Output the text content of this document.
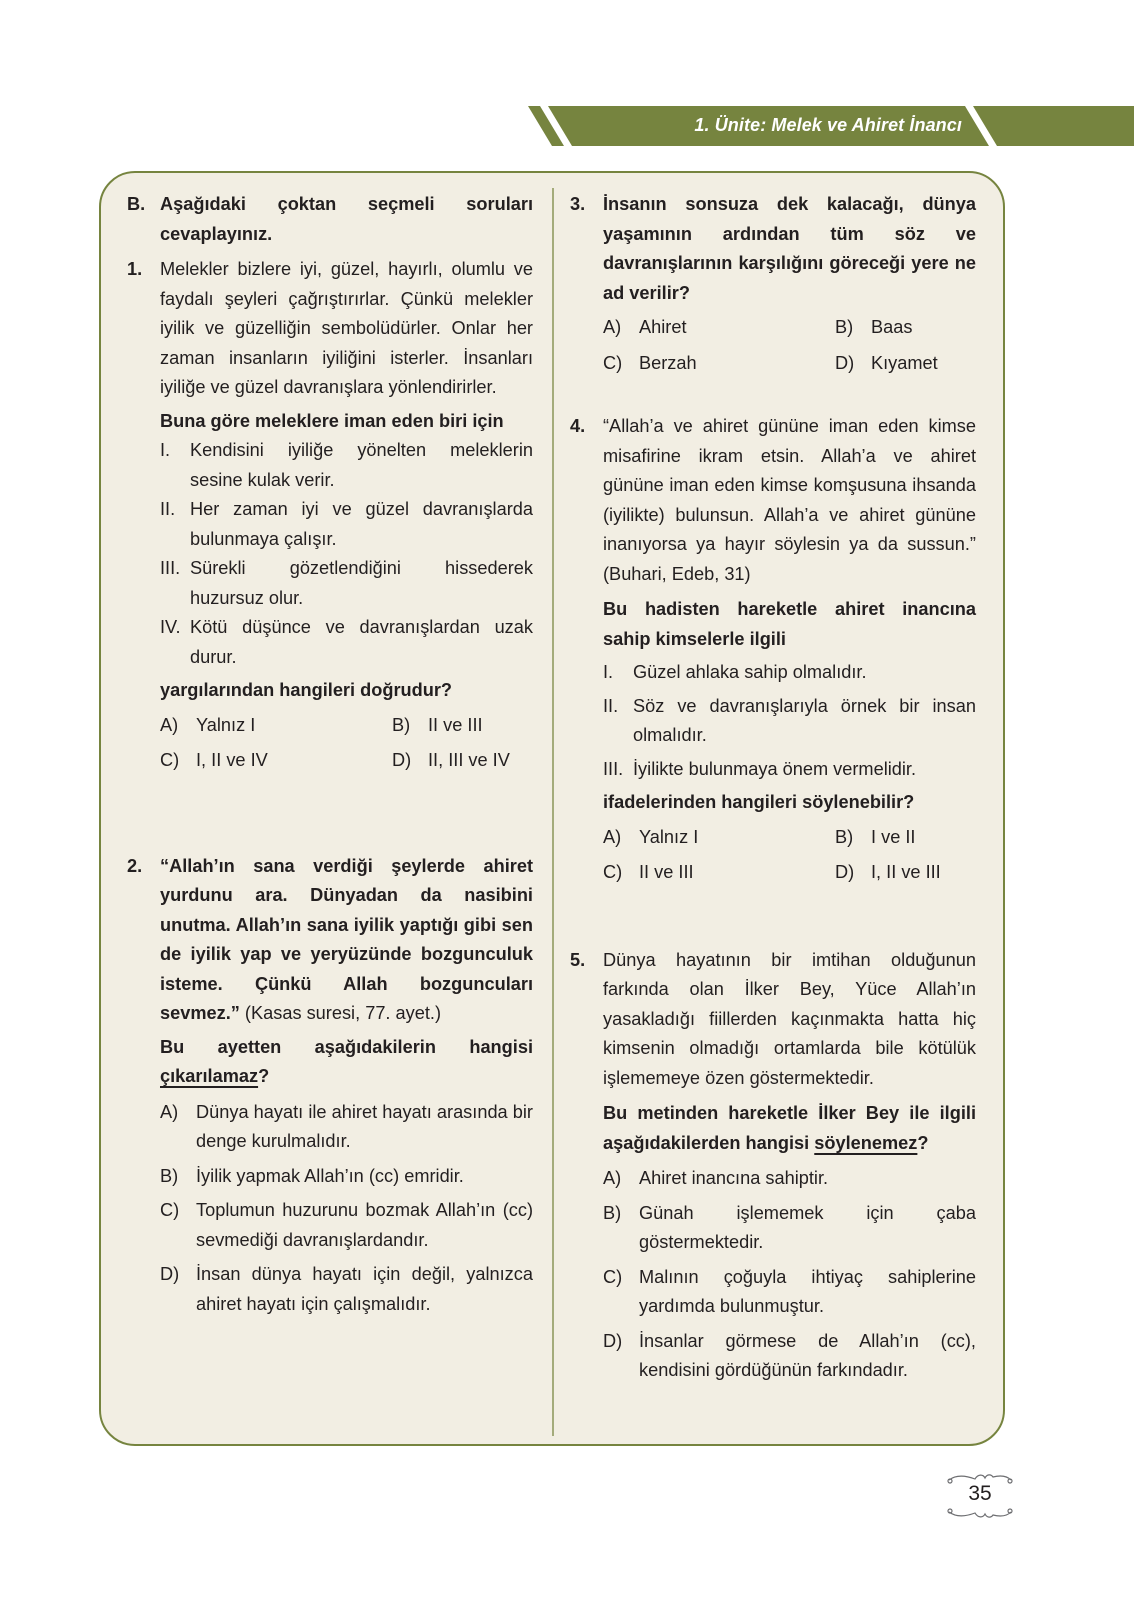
1. Ünite: Melek ve Ahiret İnancı
B. Aşağıdaki çoktan seçmeli soruları cevaplayınız.
1. Melekler bizlere iyi, güzel, hayırlı, olumlu ve faydalı şeyleri çağrıştırırlar. Çünkü melekler iyilik ve güzelliğin sembolüdürler. Onlar her zaman insanların iyiliğini isterler. İnsanları iyiliğe ve güzel davranışlara yönlendirirler.
Buna göre meleklere iman eden biri için
I.	Kendisini iyiliğe yönelten meleklerin sesine kulak verir.
II. Her zaman iyi ve güzel davranışlarda bulunmaya çalışır.
III. Sürekli gözetlendiğini hissederek huzursuz olur.
IV. Kötü düşünce ve davranışlardan uzak durur.
yargılarından hangileri doğrudur?
A) Yalnız I	B) II ve III
C) I, II ve IV	D) II, III ve IV
2. “Allah’ın sana verdiği şeylerde ahiret yurdunu ara. Dünyadan da nasibini unutma. Allah’ın sana iyilik yaptığı gibi sen de iyilik yap ve yeryüzünde bozgunculuk isteme. Çünkü Allah bozguncuları sevmez.” (Kasas suresi, 77. ayet.)
Bu ayetten aşağıdakilerin hangisi çıkarılamaz?
A) Dünya hayatı ile ahiret hayatı arasında bir denge kurulmalıdır.
B) İyilik yapmak Allah’ın (cc) emridir.
C) Toplumun huzurunu bozmak Allah’ın (cc) sevmediği davranışlardandır.
D) İnsan dünya hayatı için değil, yalnızca ahiret hayatı için çalışmalıdır.
3. İnsanın sonsuza dek kalacağı, dünya yaşamının ardından tüm söz ve davranışlarının karşılığını göreceği yere ne ad verilir?
A) Ahiret	B) Baas
C) Berzah	D) Kıyamet
4. “Allah’a ve ahiret gününe iman eden kimse misafirine ikram etsin. Allah’a ve ahiret gününe iman eden kimse komşusuna ihsanda (iyilikte) bulunsun. Allah’a ve ahiret gününe inanıyorsa ya hayır söylesin ya da sussun.” (Buhari, Edeb, 31)
Bu hadisten hareketle ahiret inancına sahip kimselerle ilgili
I.	Güzel ahlaka sahip olmalıdır.
II. Söz ve davranışlarıyla örnek bir insan olmalıdır.
III. İyilikte bulunmaya önem vermelidir.
ifadelerinden hangileri söylenebilir?
A) Yalnız I	B) I ve II
C) II ve III	D) I, II ve III
5. Dünya hayatının bir imtihan olduğunun farkında olan İlker Bey, Yüce Allah’ın yasakladığı fiillerden kaçınmakta hatta hiç kimsenin olmadığı ortamlarda bile kötülük işlememeye özen göstermektedir.
Bu metinden hareketle İlker Bey ile ilgili aşağıdakilerden hangisi söylenemez?
A) Ahiret inancına sahiptir.
B) Günah işlememek için çaba göstermektedir.
C) Malının çoğuyla ihtiyaç sahiplerine yardımda bulunmuştur.
D) İnsanlar görmese de Allah’ın (cc), kendisini gördüğünün farkındadır.
35
